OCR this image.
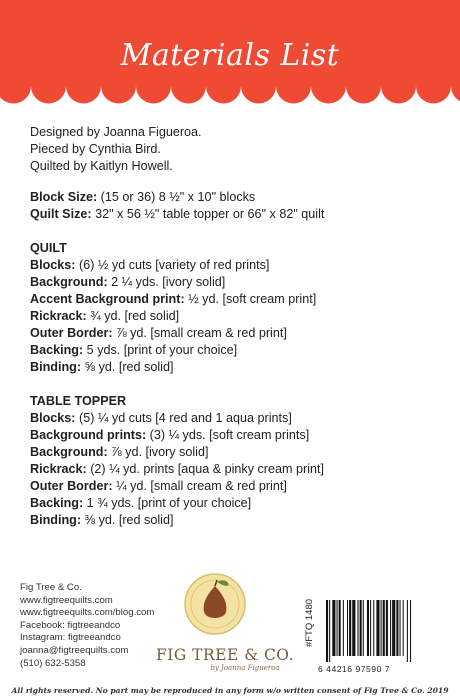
Materials List
Designed by Joanna Figueroa.
Pieced by Cynthia Bird.
Quilted by Kaitlyn Howell.
Block Size: (15 or 36) 8 ½" x 10" blocks
Quilt Size: 32" x 56 ½" table topper or 66" x 82" quilt
QUILT
Blocks: (6) ½ yd cuts [variety of red prints]
Background: 2 ¼ yds. [ivory solid]
Accent Background print: ½ yd. [soft cream print]
Rickrack: ¾ yd. [red solid]
Outer Border: ⅞ yd. [small cream & red print]
Backing: 5 yds. [print of your choice]
Binding: ⅝ yd. [red solid]
TABLE TOPPER
Blocks: (5) ¼ yd cuts [4 red and 1 aqua prints]
Background prints: (3) ¼ yds. [soft cream prints]
Background: ⅞ yd. [ivory solid]
Rickrack: (2) ¼ yd. prints [aqua & pinky cream print]
Outer Border: ¼ yd. [small cream & red print]
Backing: 1 ¾ yds. [print of your choice]
Binding: ⅜ yd. [red solid]
Fig Tree & Co.
www.figtreequilts.com
www.figtreequilts.com/blog.com
Facebook: figtreeandco
Instagram: figtreeandco
joanna@figtreequilts.com
(510) 632-5358	FIG TREE & CO.
by Joanna Figueroa
#FTQ 1480
6 44216 97590 7
All rights reserved. No part may be reproduced in any form w/o written consent of Fig Tree & Co. 2019
